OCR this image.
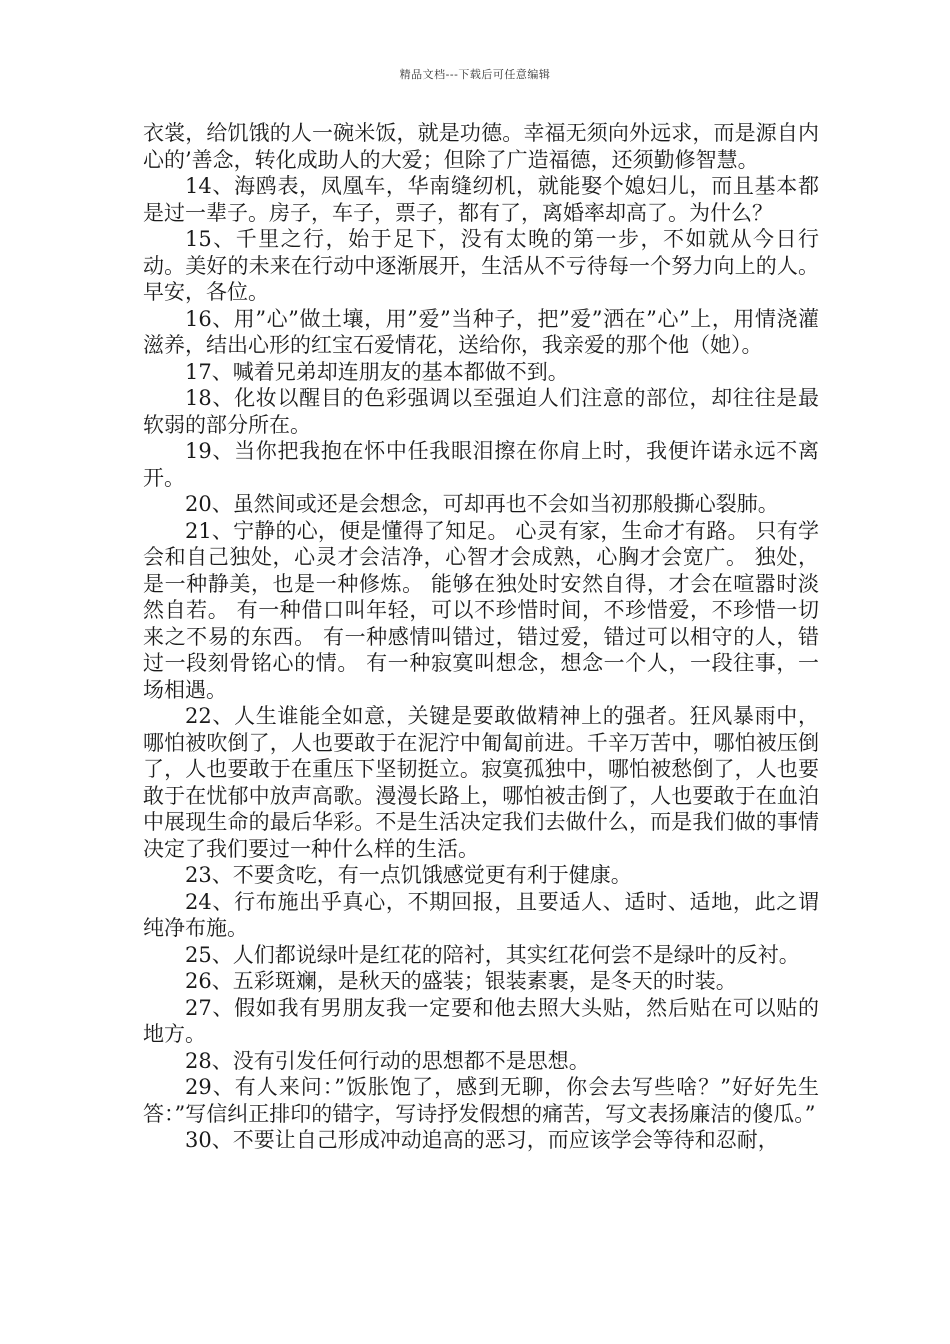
精品文档---下载后可任意编辑

衣裳，给饥饿的人一碗米饭，就是功德。幸福无须向外远求，而是源自内心的’善念，转化成助人的大爱；但除了广造福德，还须勤修智慧。

14、海鸥表，凤凰车，华南缝纫机，就能娶个媳妇儿，而且基本都是过一辈子。房子，车子，票子，都有了，离婚率却高了。为什么？

15、千里之行，始于足下，没有太晚的第一步，不如就从今日行动。美好的未来在行动中逐渐展开，生活从不亏待每一个努力向上的人。早安，各位。

16、用”心”做土壤，用”爱”当种子，把”爱”洒在”心”上，用情浇灌滋养，结出心形的红宝石爱情花，送给你，我亲爱的那个他（她）。

17、喊着兄弟却连朋友的基本都做不到。

18、化妆以醒目的色彩强调以至强迫人们注意的部位，却往往是最软弱的部分所在。

19、当你把我抱在怀中任我眼泪擦在你肩上时，我便许诺永远不离开。

20、虽然间或还是会想念，可却再也不会如当初那般撕心裂肺。

21、宁静的心，便是懂得了知足。 心灵有家，生命才有路。 只有学会和自己独处，心灵才会洁净，心智才会成熟，心胸才会宽广。 独处，是一种静美，也是一种修炼。 能够在独处时安然自得，才会在喧嚣时淡然自若。 有一种借口叫年轻，可以不珍惜时间，不珍惜爱，不珍惜一切来之不易的东西。 有一种感情叫错过，错过爱，错过可以相守的人，错过一段刻骨铭心的情。 有一种寂寞叫想念，想念一个人，一段往事，一场相遇。

22、人生谁能全如意，关键是要敢做精神上的强者。狂风暴雨中，哪怕被吹倒了，人也要敢于在泥泞中匍匐前进。千辛万苦中，哪怕被压倒了，人也要敢于在重压下坚韧挺立。寂寞孤独中，哪怕被愁倒了，人也要敢于在忧郁中放声高歌。漫漫长路上，哪怕被击倒了，人也要敢于在血泊中展现生命的最后华彩。不是生活决定我们去做什么，而是我们做的事情决定了我们要过一种什么样的生活。

23、不要贪吃，有一点饥饿感觉更有利于健康。

24、行布施出乎真心，不期回报，且要适人、适时、适地，此之谓纯净布施。

25、人们都说绿叶是红花的陪衬，其实红花何尝不是绿叶的反衬。

26、五彩斑斓，是秋天的盛装；银装素裹，是冬天的时装。

27、假如我有男朋友我一定要和他去照大头贴，然后贴在可以贴的地方。

28、没有引发任何行动的思想都不是思想。

29、有人来问：”饭胀饱了，感到无聊，你会去写些啥？”好好先生答：”写信纠正排印的错字，写诗抒发假想的痛苦，写文表扬廉洁的傻瓜。”

30、不要让自己形成冲动追高的恶习，而应该学会等待和忍耐，
